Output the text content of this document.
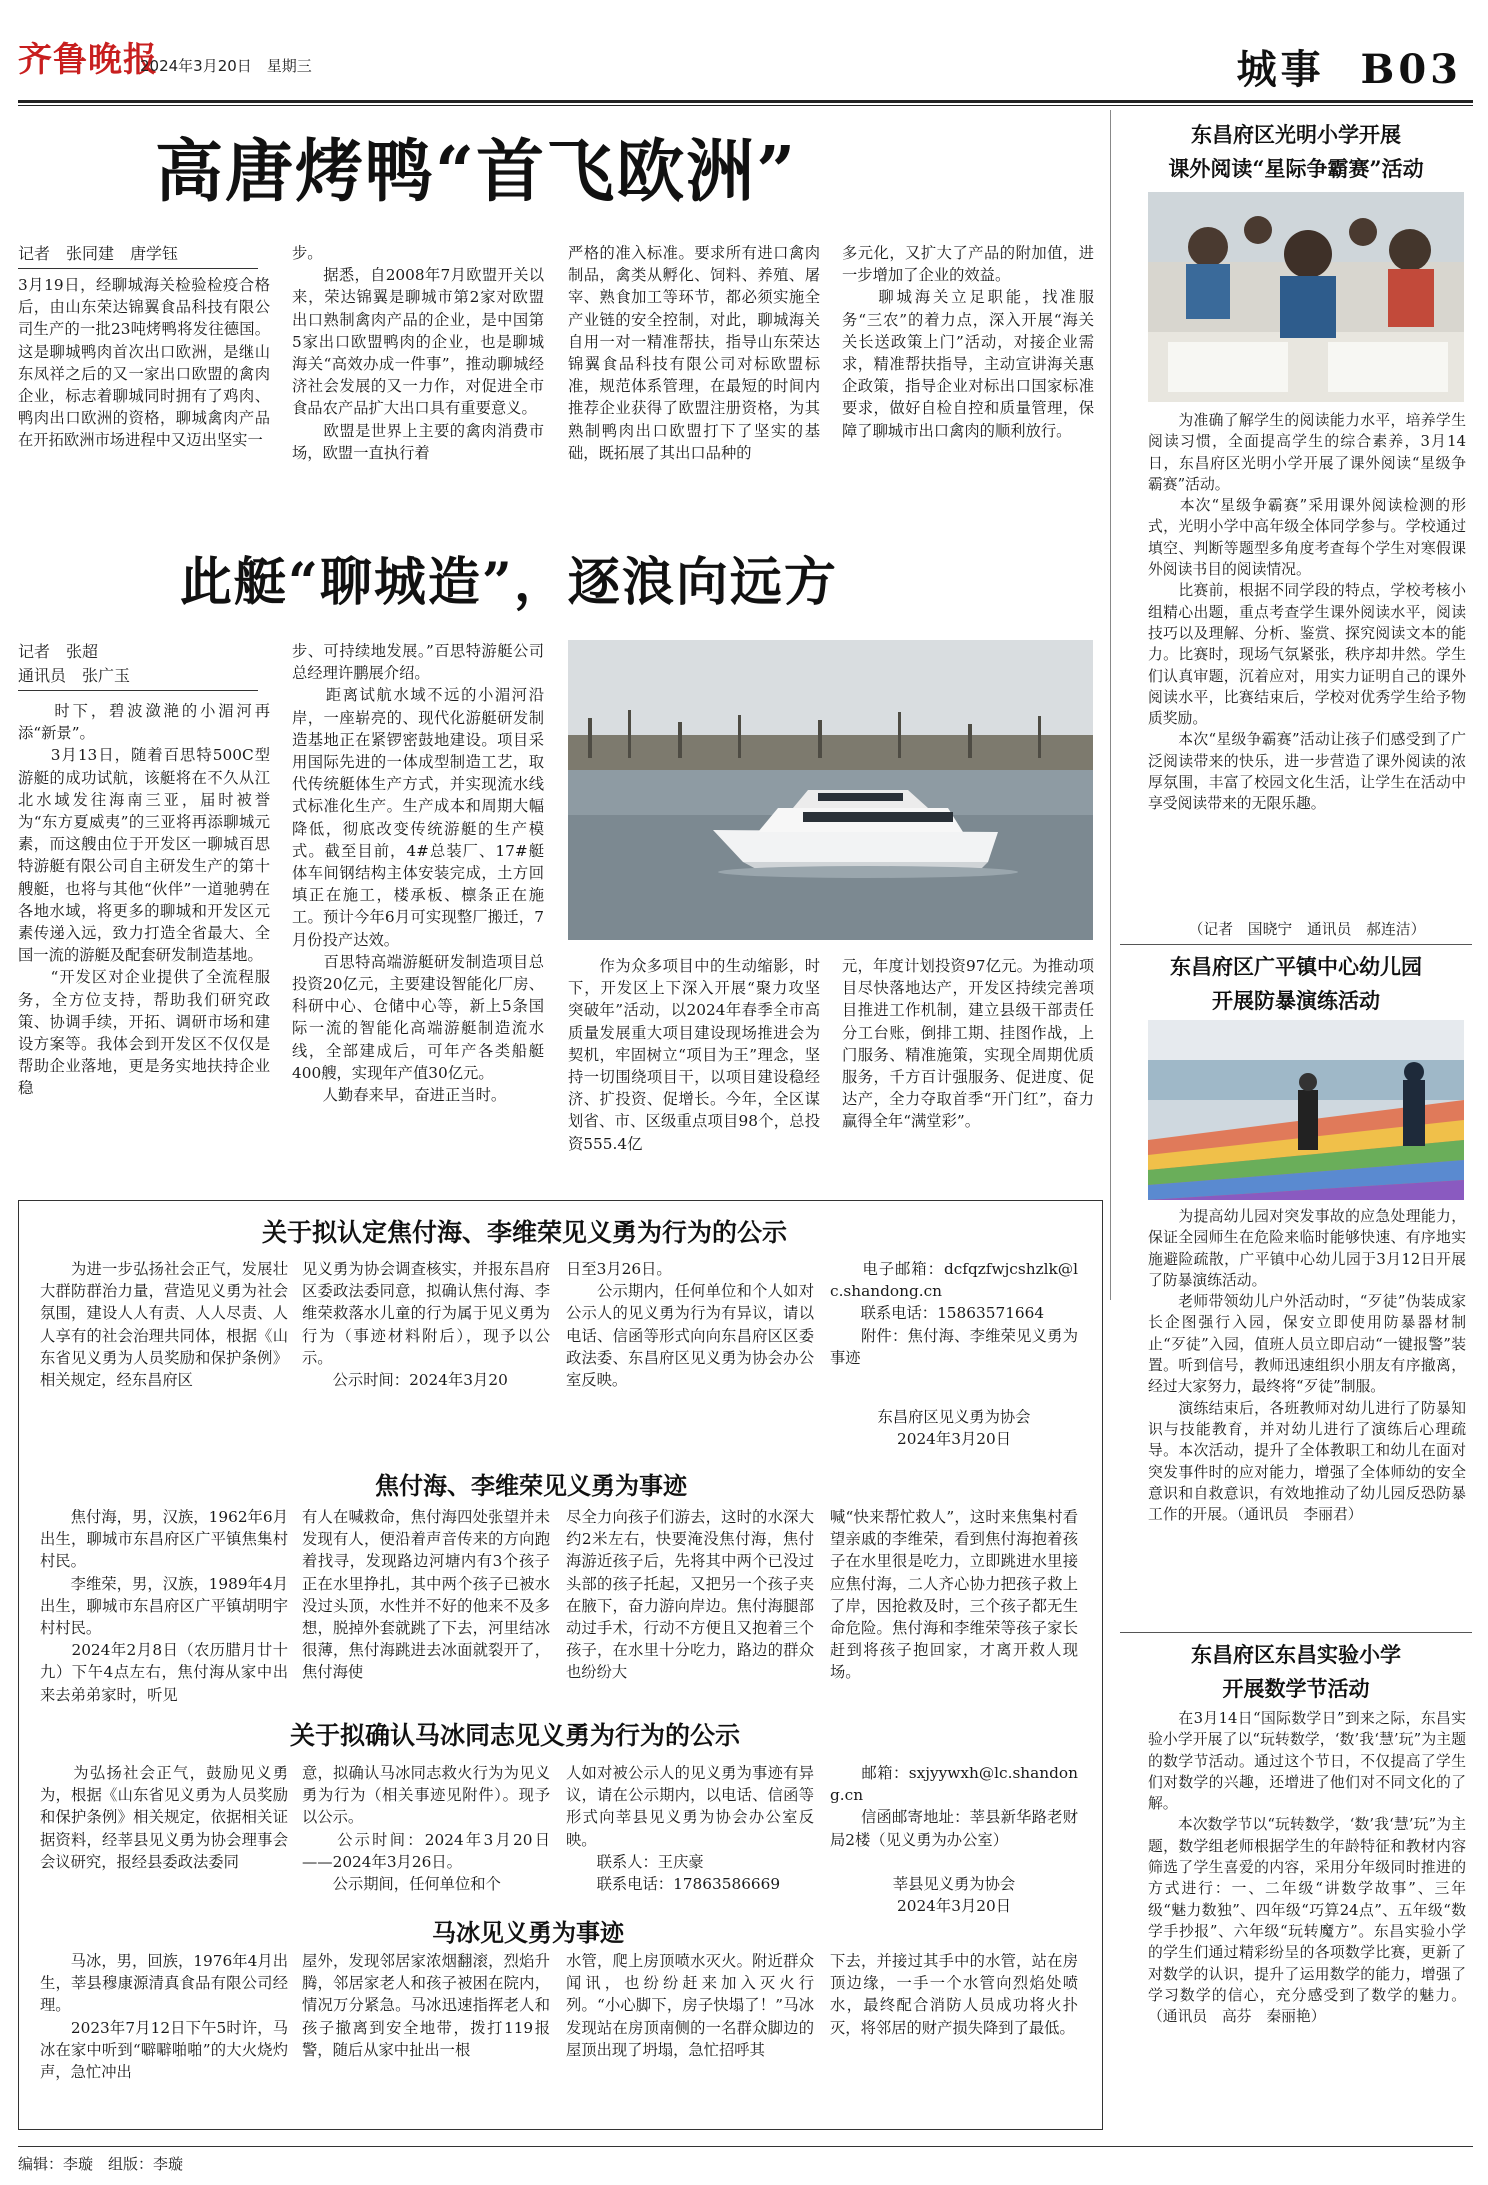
齐鲁晚报
2024年3月20日　星期三	城事 B03
高唐烤鸭“首飞欧洲”
记者　张同建　唐学钰
3月19日，经聊城海关检验检疫合格后，由山东荣达锦翼食品科技有限公司生产的一批23吨烤鸭将发往德国。这是聊城鸭肉首次出口欧洲，是继山东凤祥之后的又一家出口欧盟的禽肉企业，标志着聊城同时拥有了鸡肉、鸭肉出口欧洲的资格，聊城禽肉产品在开拓欧洲市场进程中又迈出坚实一
步。
　　据悉，自2008年7月欧盟开关以来，荣达锦翼是聊城市第2家对欧盟出口熟制禽肉产品的企业，是中国第5家出口欧盟鸭肉的企业，也是聊城海关“高效办成一件事”，推动聊城经济社会发展的又一力作，对促进全市食品农产品扩大出口具有重要意义。
　　欧盟是世界上主要的禽肉消费市场，欧盟一直执行着
严格的准入标准。要求所有进口禽肉制品，禽类从孵化、饲料、养殖、屠宰、熟食加工等环节，都必须实施全产业链的安全控制，对此，聊城海关自用一对一精准帮扶，指导山东荣达锦翼食品科技有限公司对标欧盟标准，规范体系管理，在最短的时间内推荐企业获得了欧盟注册资格，为其熟制鸭肉出口欧盟打下了坚实的基础，既拓展了其出口品种的
多元化，又扩大了产品的附加值，进一步增加了企业的效益。
　　聊城海关立足职能，找准服务“三农”的着力点，深入开展“海关关长送政策上门”活动，对接企业需求，精准帮扶指导，主动宣讲海关惠企政策，指导企业对标出口国家标准要求，做好自检自控和质量管理，保障了聊城市出口禽肉的顺利放行。
此艇“聊城造”，逐浪向远方
记者　张超
通讯员　张广玉
　　时下，碧波潋滟的小湄河再添“新景”。
　　3月13日，随着百思特500C型游艇的成功试航，该艇将在不久从江北水域发往海南三亚，届时被誉为“东方夏威夷”的三亚将再添聊城元素，而这艘由位于开发区一聊城百思特游艇有限公司自主研发生产的第十艘艇，也将与其他“伙伴”一道驰骋在各地水域，将更多的聊城和开发区元素传递入远，致力打造全省最大、全国一流的游艇及配套研发制造基地。
　　“开发区对企业提供了全流程服务，全方位支持，帮助我们研究政策、协调手续，开拓、调研市场和建设方案等。我体会到开发区不仅仅是帮助企业落地，更是务实地扶持企业稳
步、可持续地发展。”百思特游艇公司总经理许鹏展介绍。
　　距离试航水域不远的小湄河沿岸，一座崭亮的、现代化游艇研发制造基地正在紧锣密鼓地建设。项目采用国际先进的一体成型制造工艺，取代传统艇体生产方式，并实现流水线式标准化生产。生产成本和周期大幅降低，彻底改变传统游艇的生产模式。截至目前，4#总装厂、17#艇体车间钢结构主体安装完成，土方回填正在施工，楼承板、檩条正在施工。预计今年6月可实现整厂搬迁，7月份投产达效。
　　百思特高端游艇研发制造项目总投资20亿元，主要建设智能化厂房、科研中心、仓储中心等，新上5条国际一流的智能化高端游艇制造流水线，全部建成后，可年产各类船艇400艘，实现年产值30亿元。
　　人勤春来早，奋进正当时。
　　作为众多项目中的生动缩影，时下，开发区上下深入开展“聚力攻坚突破年”活动，以2024年春季全市高质量发展重大项目建设现场推进会为契机，牢固树立“项目为王”理念，坚持一切围绕项目干，以项目建设稳经济、扩投资、促增长。今年，全区谋划省、市、区级重点项目98个，总投资555.4亿
元，年度计划投资97亿元。为推动项目尽快落地达产，开发区持续完善项目推进工作机制，建立县级干部责任分工台账，倒排工期、挂图作战，上门服务、精准施策，实现全周期优质服务，千方百计强服务、促进度、促达产，全力夺取首季“开门红”，奋力赢得全年“满堂彩”。
关于拟认定焦付海、李维荣见义勇为行为的公示
　　为进一步弘扬社会正气，发展壮大群防群治力量，营造见义勇为社会氛围，建设人人有责、人人尽责、人人享有的社会治理共同体，根据《山东省见义勇为人员奖励和保护条例》相关规定，经东昌府区
见义勇为协会调查核实，并报东昌府区委政法委同意，拟确认焦付海、李维荣救落水儿童的行为属于见义勇为行为（事迹材料附后），现予以公示。
　　公示时间：2024年3月20
日至3月26日。
　　公示期内，任何单位和个人如对公示人的见义勇为行为有异议，请以电话、信函等形式向向东昌府区区委政法委、东昌府区见义勇为协会办公室反映。
　　电子邮箱：dcfqzfwjcshzlk@lc.shandong.cn
　　联系电话：15863571664
　　附件：焦付海、李维荣见义勇为事迹
东昌府区见义勇为协会
2024年3月20日
焦付海、李维荣见义勇为事迹
　　焦付海，男，汉族，1962年6月出生，聊城市东昌府区广平镇焦集村村民。
　　李维荣，男，汉族，1989年4月出生，聊城市东昌府区广平镇胡明宇村村民。
　　2024年2月8日（农历腊月廿十九）下午4点左右，焦付海从家中出来去弟弟家时，听见
有人在喊救命，焦付海四处张望并未发现有人，便沿着声音传来的方向跑着找寻，发现路边河塘内有3个孩子正在水里挣扎，其中两个孩子已被水没过头顶，水性并不好的他来不及多想，脱掉外套就跳了下去，河里结冰很薄，焦付海跳进去冰面就裂开了，焦付海使
尽全力向孩子们游去，这时的水深大约2米左右，快要淹没焦付海，焦付海游近孩子后，先将其中两个已没过头部的孩子托起，又把另一个孩子夹在腋下，奋力游向岸边。焦付海腿部动过手术，行动不方便且又抱着三个孩子，在水里十分吃力，路边的群众也纷纷大
喊“快来帮忙救人”，这时来焦集村看望亲戚的李维荣，看到焦付海抱着孩子在水里很是吃力，立即跳进水里接应焦付海，二人齐心协力把孩子救上了岸，因抢救及时，三个孩子都无生命危险。焦付海和李维荣等孩子家长赶到将孩子抱回家，才离开救人现场。
关于拟确认马冰同志见义勇为行为的公示
　　为弘扬社会正气，鼓励见义勇为，根据《山东省见义勇为人员奖励和保护条例》相关规定，依据相关证据资料，经莘县见义勇为协会理事会会议研究，报经县委政法委同
意，拟确认马冰同志救火行为为见义勇为行为（相关事迹见附件）。现予以公示。
　　公示时间：2024年3月20日——2024年3月26日。
　　公示期间，任何单位和个
人如对被公示人的见义勇为事迹有异议，请在公示期内，以电话、信函等形式向莘县见义勇为协会办公室反映。
　　联系人：王庆豪
　　联系电话：17863586669
　　邮箱：sxjyywxh@lc.shandong.cn
　　信函邮寄地址：莘县新华路老财局2楼（见义勇为办公室）
莘县见义勇为协会
2024年3月20日
马冰见义勇为事迹
　　马冰，男，回族，1976年4月出生，莘县穆康源清真食品有限公司经理。
　　2023年7月12日下午5时许，马冰在家中听到“噼噼啪啪”的大火烧灼声，急忙冲出
屋外，发现邻居家浓烟翻滚，烈焰升腾，邻居家老人和孩子被困在院内，情况万分紧急。马冰迅速指挥老人和孩子撤离到安全地带，拨打119报警，随后从家中扯出一根
水管，爬上房顶喷水灭火。附近群众闻讯，也纷纷赶来加入灭火行列。“小心脚下，房子快塌了！”马冰发现站在房顶南侧的一名群众脚边的屋顶出现了坍塌，急忙招呼其
下去，并接过其手中的水管，站在房顶边缘，一手一个水管向烈焰处喷水，最终配合消防人员成功将火扑灭，将邻居的财产损失降到了最低。
东昌府区光明小学开展
课外阅读“星际争霸赛”活动
　　为准确了解学生的阅读能力水平，培养学生阅读习惯，全面提高学生的综合素养，3月14日，东昌府区光明小学开展了课外阅读“星级争霸赛”活动。
　　本次“星级争霸赛”采用课外阅读检测的形式，光明小学中高年级全体同学参与。学校通过填空、判断等题型多角度考查每个学生对寒假课外阅读书目的阅读情况。
　　比赛前，根据不同学段的特点，学校考核小组精心出题，重点考查学生课外阅读水平，阅读技巧以及理解、分析、鉴赏、探究阅读文本的能力。比赛时，现场气氛紧张，秩序却井然。学生们认真审题，沉着应对，用实力证明自己的课外阅读水平，比赛结束后，学校对优秀学生给予物质奖励。
　　本次“星级争霸赛”活动让孩子们感受到了广泛阅读带来的快乐，进一步营造了课外阅读的浓厚氛围，丰富了校园文化生活，让学生在活动中享受阅读带来的无限乐趣。
（记者　国晓宁　通讯员　郝连洁）
东昌府区广平镇中心幼儿园
开展防暴演练活动
　　为提高幼儿园对突发事故的应急处理能力，保证全园师生在危险来临时能够快速、有序地实施避险疏散，广平镇中心幼儿园于3月12日开展了防暴演练活动。
　　老师带领幼儿户外活动时，“歹徒”伪装成家长企图强行入园，保安立即使用防暴器材制止“歹徒”入园，值班人员立即启动“一键报警”装置。听到信号，教师迅速组织小朋友有序撤离，经过大家努力，最终将“歹徒”制服。
　　演练结束后，各班教师对幼儿进行了防暴知识与技能教育，并对幼儿进行了演练后心理疏导。本次活动，提升了全体教职工和幼儿在面对突发事件时的应对能力，增强了全体师幼的安全意识和自救意识，有效地推动了幼儿园反恐防暴工作的开展。（通讯员　李丽君）
东昌府区东昌实验小学
开展数学节活动
　　在3月14日“国际数学日”到来之际，东昌实验小学开展了以“玩转数学，‘数’我‘慧’玩”为主题的数学节活动。通过这个节日，不仅提高了学生们对数学的兴趣，还增进了他们对不同文化的了解。
　　本次数学节以“玩转数学，‘数’我‘慧’玩”为主题，数学组老师根据学生的年龄特征和教材内容筛选了学生喜爱的内容，采用分年级同时推进的方式进行：一、二年级“讲数学故事”、三年级“魅力数独”、四年级“巧算24点”、五年级“数学手抄报”、六年级“玩转魔方”。东昌实验小学的学生们通过精彩纷呈的各项数学比赛，更新了对数学的认识，提升了运用数学的能力，增强了学习数学的信心，充分感受到了数学的魅力。（通讯员　高芬　秦丽艳）
编辑：李璇　组版：李璇
